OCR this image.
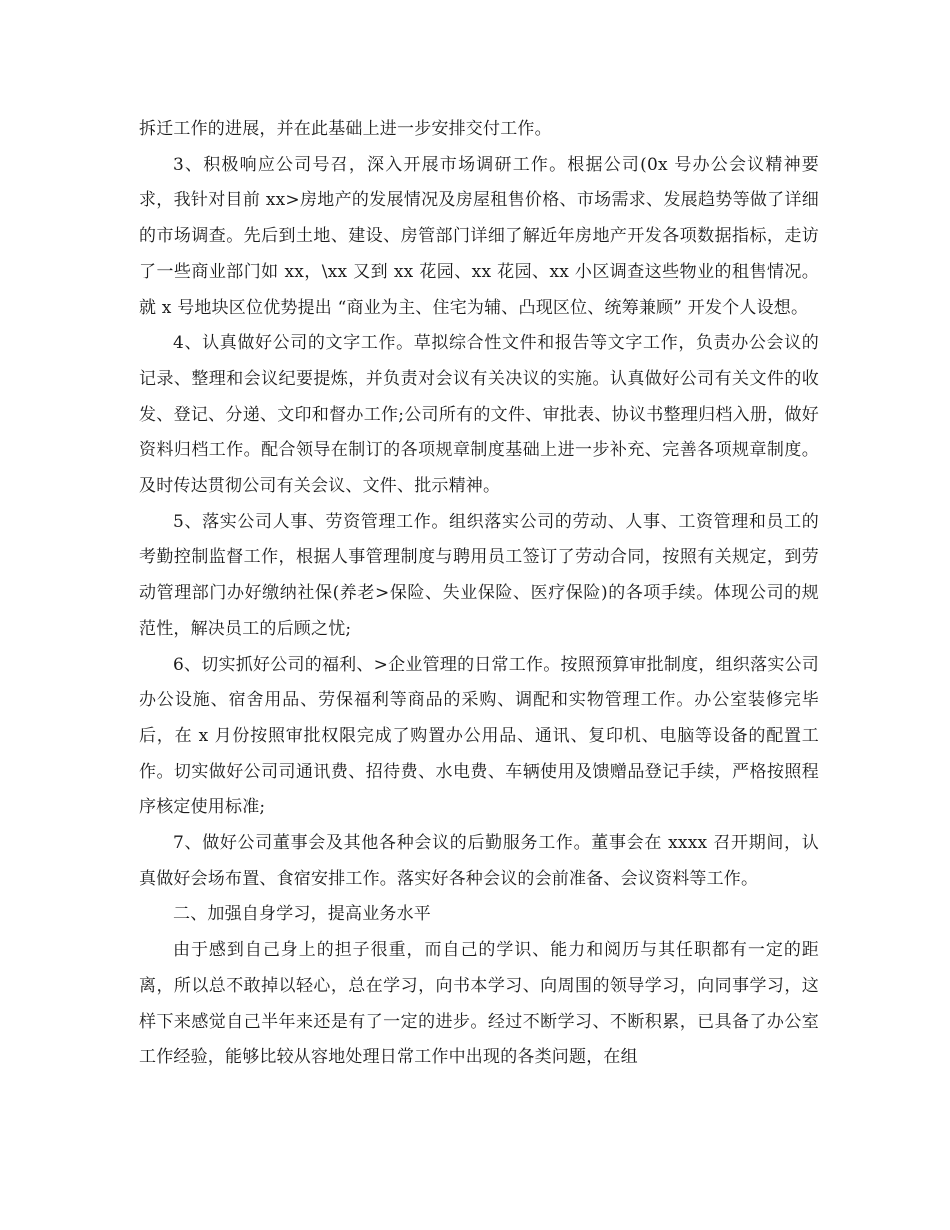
拆迁工作的进展，并在此基础上进一步安排交付工作。

3、积极响应公司号召，深入开展市场调研工作。根据公司(0x 号办公会议精神要求，我针对目前 xx>房地产的发展情况及房屋租售价格、市场需求、发展趋势等做了详细的市场调查。先后到土地、建设、房管部门详细了解近年房地产开发各项数据指标，走访了一些商业部门如 xx，\xx 又到 xx 花园、xx 花园、xx 小区调查这些物业的租售情况。就 x 号地块区位优势提出 “商业为主、住宅为辅、凸现区位、统筹兼顾” 开发个人设想。

4、认真做好公司的文字工作。草拟综合性文件和报告等文字工作，负责办公会议的记录、整理和会议纪要提炼，并负责对会议有关决议的实施。认真做好公司有关文件的收发、登记、分递、文印和督办工作;公司所有的文件、审批表、协议书整理归档入册，做好资料归档工作。配合领导在制订的各项规章制度基础上进一步补充、完善各项规章制度。及时传达贯彻公司有关会议、文件、批示精神。

5、落实公司人事、劳资管理工作。组织落实公司的劳动、人事、工资管理和员工的考勤控制监督工作，根据人事管理制度与聘用员工签订了劳动合同，按照有关规定，到劳动管理部门办好缴纳社保(养老>保险、失业保险、医疗保险)的各项手续。体现公司的规范性，解决员工的后顾之忧;

6、切实抓好公司的福利、>企业管理的日常工作。按照预算审批制度，组织落实公司办公设施、宿舍用品、劳保福利等商品的采购、调配和实物管理工作。办公室装修完毕后，在 x 月份按照审批权限完成了购置办公用品、通讯、复印机、电脑等设备的配置工作。切实做好公司司通讯费、招待费、水电费、车辆使用及馈赠品登记手续，严格按照程序核定使用标准;

7、做好公司董事会及其他各种会议的后勤服务工作。董事会在 xxxx 召开期间，认真做好会场布置、食宿安排工作。落实好各种会议的会前准备、会议资料等工作。

二、加强自身学习，提高业务水平

由于感到自己身上的担子很重，而自己的学识、能力和阅历与其任职都有一定的距离，所以总不敢掉以轻心，总在学习，向书本学习、向周围的领导学习，向同事学习，这样下来感觉自己半年来还是有了一定的进步。经过不断学习、不断积累，已具备了办公室工作经验，能够比较从容地处理日常工作中出现的各类问题，在组
